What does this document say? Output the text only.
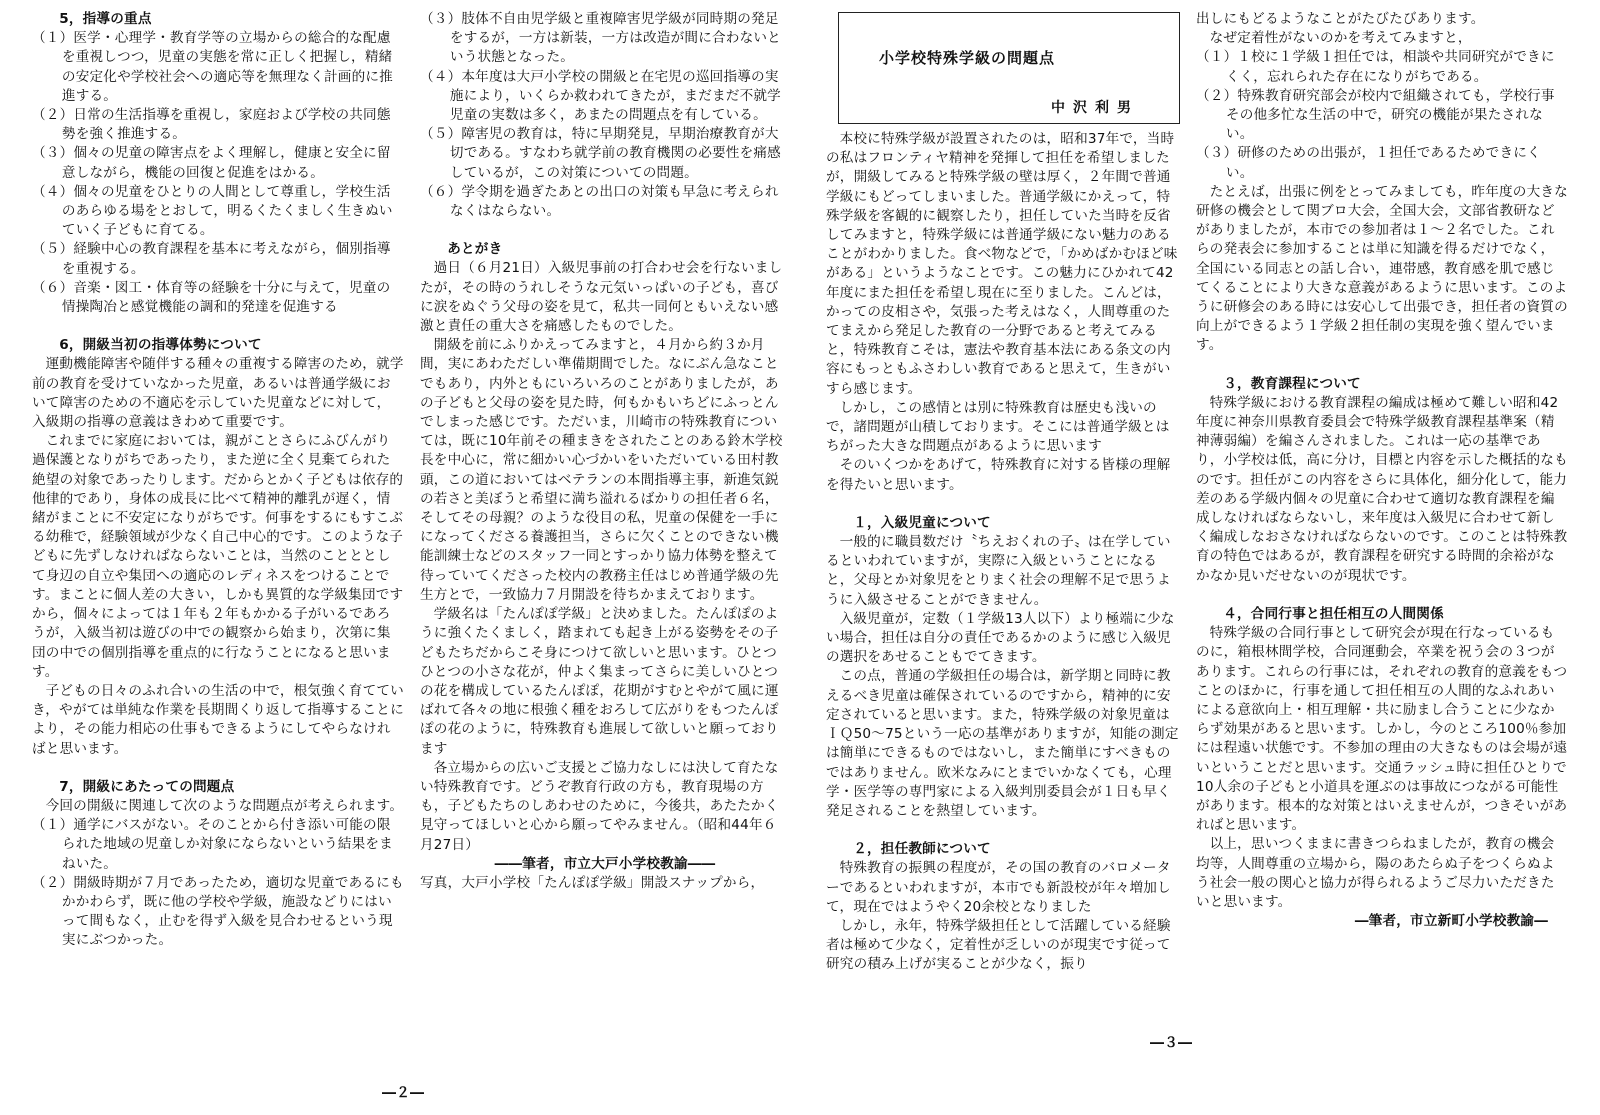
5，指導の重点

（１）医学・心理学・教育学等の立場からの総合的な配慮を重視しつつ，児童の実態を常に正しく把握し，精緒の安定化や学校社会への適応等を無理なく計画的に推進する。

（２）日常の生活指導を重視し，家庭および学校の共同態勢を強く推進する。

（３）個々の児童の障害点をよく理解し，健康と安全に留意しながら，機能の回復と促進をはかる。

（４）個々の児童をひとりの人間として尊重し，学校生活のあらゆる場をとおして，明るくたくましく生きぬいていく子どもに育てる。

（５）経験中心の教育課程を基本に考えながら，個別指導を重視する。

（６）音楽・図工・体育等の経験を十分に与えて，児童の情操陶冶と感覚機能の調和的発達を促進する

6，開級当初の指導体勢について

運動機能障害や随伴する種々の重複する障害のため，就学前の教育を受けていなかった児童，あるいは普通学級において障害のための不適応を示していた児童などに対して，入級期の指導の意義はきわめて重要です。

これまでに家庭においては，親がことさらにふびんがり過保護となりがちであったり，また逆に全く見棄てられた絶望の対象であったりします。だからとかく子どもは依存的他律的であり，身体の成長に比べて精神的離乳が遅く，情緒がまことに不安定になりがちです。何事をするにもすこぶる幼稚で，経験領域が少なく自己中心的です。このような子どもに先ずしなければならないことは，当然のことととして身辺の自立や集団への適応のレディネスをつけることです。まことに個人差の大きい，しかも異質的な学級集団ですから，個々によっては１年も２年もかかる子がいるであろうが，入級当初は遊びの中での観察から始まり，次第に集団の中での個別指導を重点的に行なうことになると思います。

子どもの日々のふれ合いの生活の中で，根気強く育てていき，やがては単純な作業を長期間くり返して指導することにより，その能力相応の仕事もできるようにしてやらなければと思います。

7，開級にあたっての問題点

今回の開級に関連して次のような問題点が考えられます。

（１）通学にバスがない。そのことから付き添い可能の限られた地域の児童しか対象にならないという結果をまねいた。

（２）開級時期が７月であったため，適切な児童であるにもかかわらず，既に他の学校や学級，施設などりにはいって間もなく，止むを得ず入級を見合わせるという現実にぶつかった。

（３）肢体不自由児学級と重複障害児学級が同時期の発足をするが，一方は新装，一方は改造が間に合わないという状態となった。

（４）本年度は大戸小学校の開級と在宅児の巡回指導の実施により，いくらか救われてきたが，まだまだ不就学児童の実数は多く，あまたの問題点を有している。

（５）障害児の教育は，特に早期発見，早期治療教育が大切である。すなわち就学前の教育機関の必要性を痛感しているが，この対策についての問題。

（６）学令期を過ぎたあとの出口の対策も早急に考えられなくはならない。

あとがき

過日（６月21日）入級児事前の打合わせ会を行ないましたが，その時のうれしそうな元気いっぱいの子ども，喜びに涙をぬぐう父母の姿を見て，私共一同何ともいえない感激と責任の重大さを痛感したものでした。

開級を前にふりかえってみますと，４月から約３か月間，実にあわただしい準備期間でした。なにぶん急なことでもあり，内外ともにいろいろのことがありましたが，あの子どもと父母の姿を見た時，何もかもいちどにふっとんでしまった感じです。ただいま，川崎市の特殊教育については，既に10年前その種まきをされたことのある鈴木学校長を中心に，常に細かい心づかいをいただいている田村教頭，この道においてはベテランの本間指導主事，新進気鋭の若さと美ぼうと希望に満ち溢れるばかりの担任者６名，そしてその母親？のような役目の私，児童の保健を一手にになってくださる養護担当，さらに欠くことのできない機能訓練士などのスタッフ一同とすっかり協力体勢を整えて待っていてくださった校内の教務主任はじめ普通学級の先生方とで，一致協力７月開設を待ちかまえております。

学級名は「たんぽぽ学級」と決めました。たんぽぽのように強くたくましく，踏まれても起き上がる姿勢をその子どもたちだからこそ身につけて欲しいと思います。ひとつひとつの小さな花が，仲よく集まってさらに美しいひとつの花を構成しているたんぽぽ，花期がすむとやがて風に運ばれて各々の地に根強く種をおろして広がりをもつたんぽぽの花のように，特殊教育も進展して欲しいと願っております

各立場からの広いご支援とご協力なしには決して育たない特殊教育です。どうぞ教育行政の方も，教育現場の方も，子どもたちのしあわせのために，今後共，あたたかく見守ってほしいと心から願ってやみません。（昭和44年６月27日）

――筆者，市立大戸小学校教諭――

写真，大戸小学校「たんぽぽ学級」開設スナップから，

―２―
小学校特殊学級の問題点
中沢利男

本校に特殊学級が設置されたのは，昭和37年で，当時の私はフロンティヤ精神を発揮して担任を希望しましたが，開級してみると特殊学級の壁は厚く，２年間で普通学級にもどってしまいました。普通学級にかえって，特殊学級を客観的に観察したり，担任していた当時を反省してみますと，特殊学級には普通学級にない魅力のあることがわかりました。食べ物などで，「かめばかむほど味がある」というようなことです。この魅力にひかれて42年度にまた担任を希望し現在に至りました。こんどは，かっての皮相さや，気張った考えはなく，人間尊重のたてまえから発足した教育の一分野であると考えてみると，特殊教育こそは，憲法や教育基本法にある条文の内容にもっともふさわしい教育であると思えて，生きがいすら感じます。

しかし，この感情とは別に特殊教育は歴史も浅いので，諸問題が山積しております。そこには普通学級とはちがった大きな問題点があるように思います

そのいくつかをあげて，特殊教育に対する皆様の理解を得たいと思います。

１，入級児童について

一般的に職員数だけ〝ちえおくれの子〟は在学しているといわれていますが，実際に入級ということになると，父母とか対象児をとりまく社会の理解不足で思うように入級させることができません。

入級児童が，定数（１学級13人以下）より極端に少ない場合，担任は自分の責任であるかのように感じ入級児の選択をあせることもでてきます。

この点，普通の学級担任の場合は，新学期と同時に教えるべき児童は確保されているのですから，精神的に安定されていると思います。また，特殊学級の対象児童はＩＱ50～75という一応の基準がありますが，知能の測定は簡単にできるものではないし，また簡単にすべきものではありません。欧米なみにとまでいかなくても，心理学・医学等の専門家による入級判別委員会が１日も早く発足されることを熱望しています。

２，担任教師について

特殊教育の振興の程度が，その国の教育のバロメーターであるといわれますが，本市でも新設校が年々増加して，現在ではようやく20余校となりました

しかし，永年，特殊学級担任として活躍している経験者は極めて少なく，定着性が乏しいのが現実です従って研究の積み上げが実ることが少なく，振り

―３―

出しにもどるようなことがたびたびあります。

なぜ定着性がないのかを考えてみますと，

（１）１校に１学級１担任では，相談や共同研究ができにくく，忘れられた存在になりがちである。

（２）特殊教育研究部会が校内で組織されても，学校行事その他多忙な生活の中で，研究の機能が果たされない。

（３）研修のための出張が，１担任であるためできにくい。

たとえば，出張に例をとってみましても，昨年度の大きな研修の機会として関ブロ大会，全国大会，文部省教研などがありましたが，本市での参加者は１～２名でした。これらの発表会に参加することは単に知識を得るだけでなく，全国にいる同志との話し合い，連帯感，教育感を肌で感じてくることにより大きな意義があるように思います。このように研修会のある時には安心して出張でき，担任者の資質の向上ができるよう１学級２担任制の実現を強く望んでいます。

３，教育課程について

特殊学級における教育課程の編成は極めて難しい昭和42年度に神奈川県教育委員会で特殊学級教育課程基準案（精神薄弱編）を編さんされました。これは一応の基準であり，小学校は低，高に分け，目標と内容を示した概括的なものです。担任がこの内容をさらに具体化，細分化して，能力差のある学級内個々の児童に合わせて適切な教育課程を編成しなければならないし，来年度は入級児に合わせて新しく編成しなおさなければならないのです。このことは特殊教育の特色ではあるが，教育課程を研究する時間的余裕がなかなか見いだせないのが現状です。

４，合同行事と担任相互の人間関係

特殊学級の合同行事として研究会が現在行なっているものに，箱根林間学校，合同運動会，卒業を祝う会の３つがあります。これらの行事には，それぞれの教育的意義をもつことのほかに，行事を通して担任相互の人間的なふれあいによる意欲向上・相互理解・共に励まし合うことに少なからず効果があると思います。しかし，今のところ100％参加には程遠い状態です。不参加の理由の大きなものは会場が遠いということだと思います。交通ラッシュ時に担任ひとりで10人余の子どもと小道具を運ぶのは事故につながる可能性があります。根本的な対策とはいえませんが，つきそいがあればと思います。

以上，思いつくままに書きつらねましたが，教育の機会均等，人間尊重の立場から，陽のあたらぬ子をつくらぬよう社会一般の関心と協力が得られるようご尽力いただきたいと思います。

―筆者，市立新町小学校教諭―
